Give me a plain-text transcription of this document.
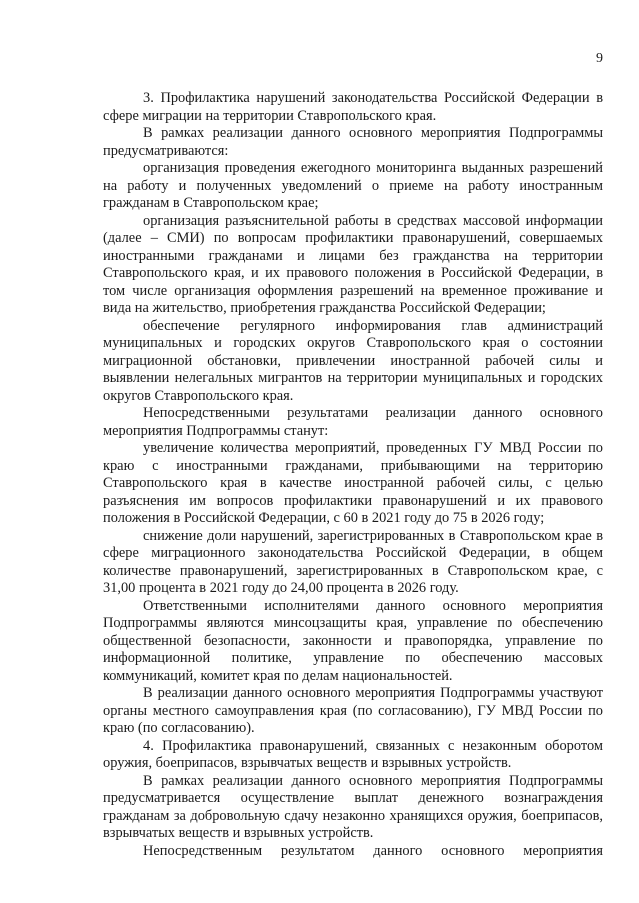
9

3. Профилактика нарушений законодательства Российской Федерации в сфере миграции на территории Ставропольского края.

В рамках реализации данного основного мероприятия Подпрограммы предусматриваются:

организация проведения ежегодного мониторинга выданных разрешений на работу и полученных уведомлений о приеме на работу иностранным гражданам в Ставропольском крае;

организация разъяснительной работы в средствах массовой информации (далее – СМИ) по вопросам профилактики правонарушений, совершаемых иностранными гражданами и лицами без гражданства на территории Ставропольского края, и их правового положения в Российской Федерации, в том числе организация оформления разрешений на временное проживание и вида на жительство, приобретения гражданства Российской Федерации;

обеспечение регулярного информирования глав администраций муниципальных и городских округов Ставропольского края о состоянии миграционной обстановки, привлечении иностранной рабочей силы и выявлении нелегальных мигрантов на территории муниципальных и городских округов Ставропольского края.

Непосредственными результатами реализации данного основного мероприятия Подпрограммы станут:

увеличение количества мероприятий, проведенных ГУ МВД России по краю с иностранными гражданами, прибывающими на территорию Ставропольского края в качестве иностранной рабочей силы, с целью разъяснения им вопросов профилактики правонарушений и их правового положения в Российской Федерации, с 60 в 2021 году до 75 в 2026 году;

снижение доли нарушений, зарегистрированных в Ставропольском крае в сфере миграционного законодательства Российской Федерации, в общем количестве правонарушений, зарегистрированных в Ставропольском крае, с 31,00 процента в 2021 году до 24,00 процента в 2026 году.

Ответственными исполнителями данного основного мероприятия Подпрограммы являются минсоцзащиты края, управление по обеспечению общественной безопасности, законности и правопорядка, управление по информационной политике, управление по обеспечению массовых коммуникаций, комитет края по делам национальностей.

В реализации данного основного мероприятия Подпрограммы участвуют органы местного самоуправления края (по согласованию), ГУ МВД России по краю (по согласованию).

4. Профилактика правонарушений, связанных с незаконным оборотом оружия, боеприпасов, взрывчатых веществ и взрывных устройств.

В рамках реализации данного основного мероприятия Подпрограммы предусматривается осуществление выплат денежного вознаграждения гражданам за добровольную сдачу незаконно хранящихся оружия, боеприпасов, взрывчатых веществ и взрывных устройств.

Непосредственным результатом данного основного мероприятия
